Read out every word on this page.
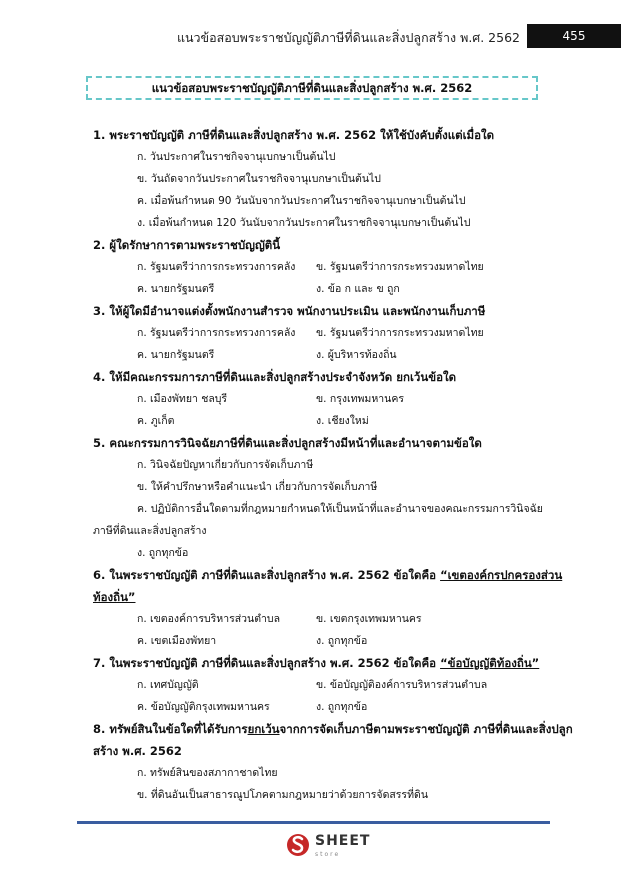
แนวข้อสอบพระราชบัญญัติภาษีที่ดินและสิ่งปลูกสร้าง พ.ศ. 2562	455
แนวข้อสอบพระราชบัญญัติภาษีที่ดินและสิ่งปลูกสร้าง พ.ศ. 2562
1. พระราชบัญญัติ ภาษีที่ดินและสิ่งปลูกสร้าง พ.ศ. 2562 ให้ใช้บังคับตั้งแต่เมื่อใด
ก. วันประกาศในราชกิจจานุเบกษาเป็นต้นไป
ข. วันถัดจากวันประกาศในราชกิจจานุเบกษาเป็นต้นไป
ค. เมื่อพ้นกำหนด 90 วันนับจากวันประกาศในราชกิจจานุเบกษาเป็นต้นไป
ง. เมื่อพ้นกำหนด 120 วันนับจากวันประกาศในราชกิจจานุเบกษาเป็นต้นไป
2. ผู้ใดรักษาการตามพระราชบัญญัตินี้
ก. รัฐมนตรีว่าการกระทรวงการคลัง ข. รัฐมนตรีว่าการกระทรวงมหาดไทย
ค. นายกรัฐมนตรี	ง. ข้อ ก และ ข ถูก
3. ให้ผู้ใดมีอำนาจแต่งตั้งพนักงานสำรวจ พนักงานประเมิน และพนักงานเก็บภาษี
ก. รัฐมนตรีว่าการกระทรวงการคลัง ข. รัฐมนตรีว่าการกระทรวงมหาดไทย
ค. นายกรัฐมนตรี	ง. ผู้บริหารท้องถิ่น
4. ให้มีคณะกรรมการภาษีที่ดินและสิ่งปลูกสร้างประจำจังหวัด ยกเว้นข้อใด
ก. เมืองพัทยา ชลบุรี	ข. กรุงเทพมหานคร
ค. ภูเก็ต	ง. เชียงใหม่
5. คณะกรรมการวินิจฉัยภาษีที่ดินและสิ่งปลูกสร้างมีหน้าที่และอำนาจตามข้อใด
ก. วินิจฉัยปัญหาเกี่ยวกับการจัดเก็บภาษี
ข. ให้คำปรึกษาหรือคำแนะนำ เกี่ยวกับการจัดเก็บภาษี
ค. ปฏิบัติการอื่นใดตามที่กฎหมายกำหนดให้เป็นหน้าที่และอำนาจของคณะกรรมการวินิจฉัย
ภาษีที่ดินและสิ่งปลูกสร้าง
ง. ถูกทุกข้อ
6. ในพระราชบัญญัติ ภาษีที่ดินและสิ่งปลูกสร้าง พ.ศ. 2562 ข้อใดคือ “เขตองค์กรปกครองส่วน
ท้องถิ่น”
ก. เขตองค์การบริหารส่วนตำบล	ข. เขตกรุงเทพมหานคร
ค. เขตเมืองพัทยา	ง. ถูกทุกข้อ
7. ในพระราชบัญญัติ ภาษีที่ดินและสิ่งปลูกสร้าง พ.ศ. 2562 ข้อใดคือ “ข้อบัญญัติท้องถิ่น”
ก. เทศบัญญัติ	ข. ข้อบัญญัติองค์การบริหารส่วนตำบล
ค. ข้อบัญญัติกรุงเทพมหานคร	ง. ถูกทุกข้อ
8. ทรัพย์สินในข้อใดที่ได้รับการยกเว้นจากการจัดเก็บภาษีตามพระราชบัญญัติ ภาษีที่ดินและสิ่งปลูก
สร้าง พ.ศ. 2562
ก. ทรัพย์สินของสภากาชาดไทย
ข. ที่ดินอันเป็นสาธารณูปโภคตามกฎหมายว่าด้วยการจัดสรรที่ดิน
SHEET
store
